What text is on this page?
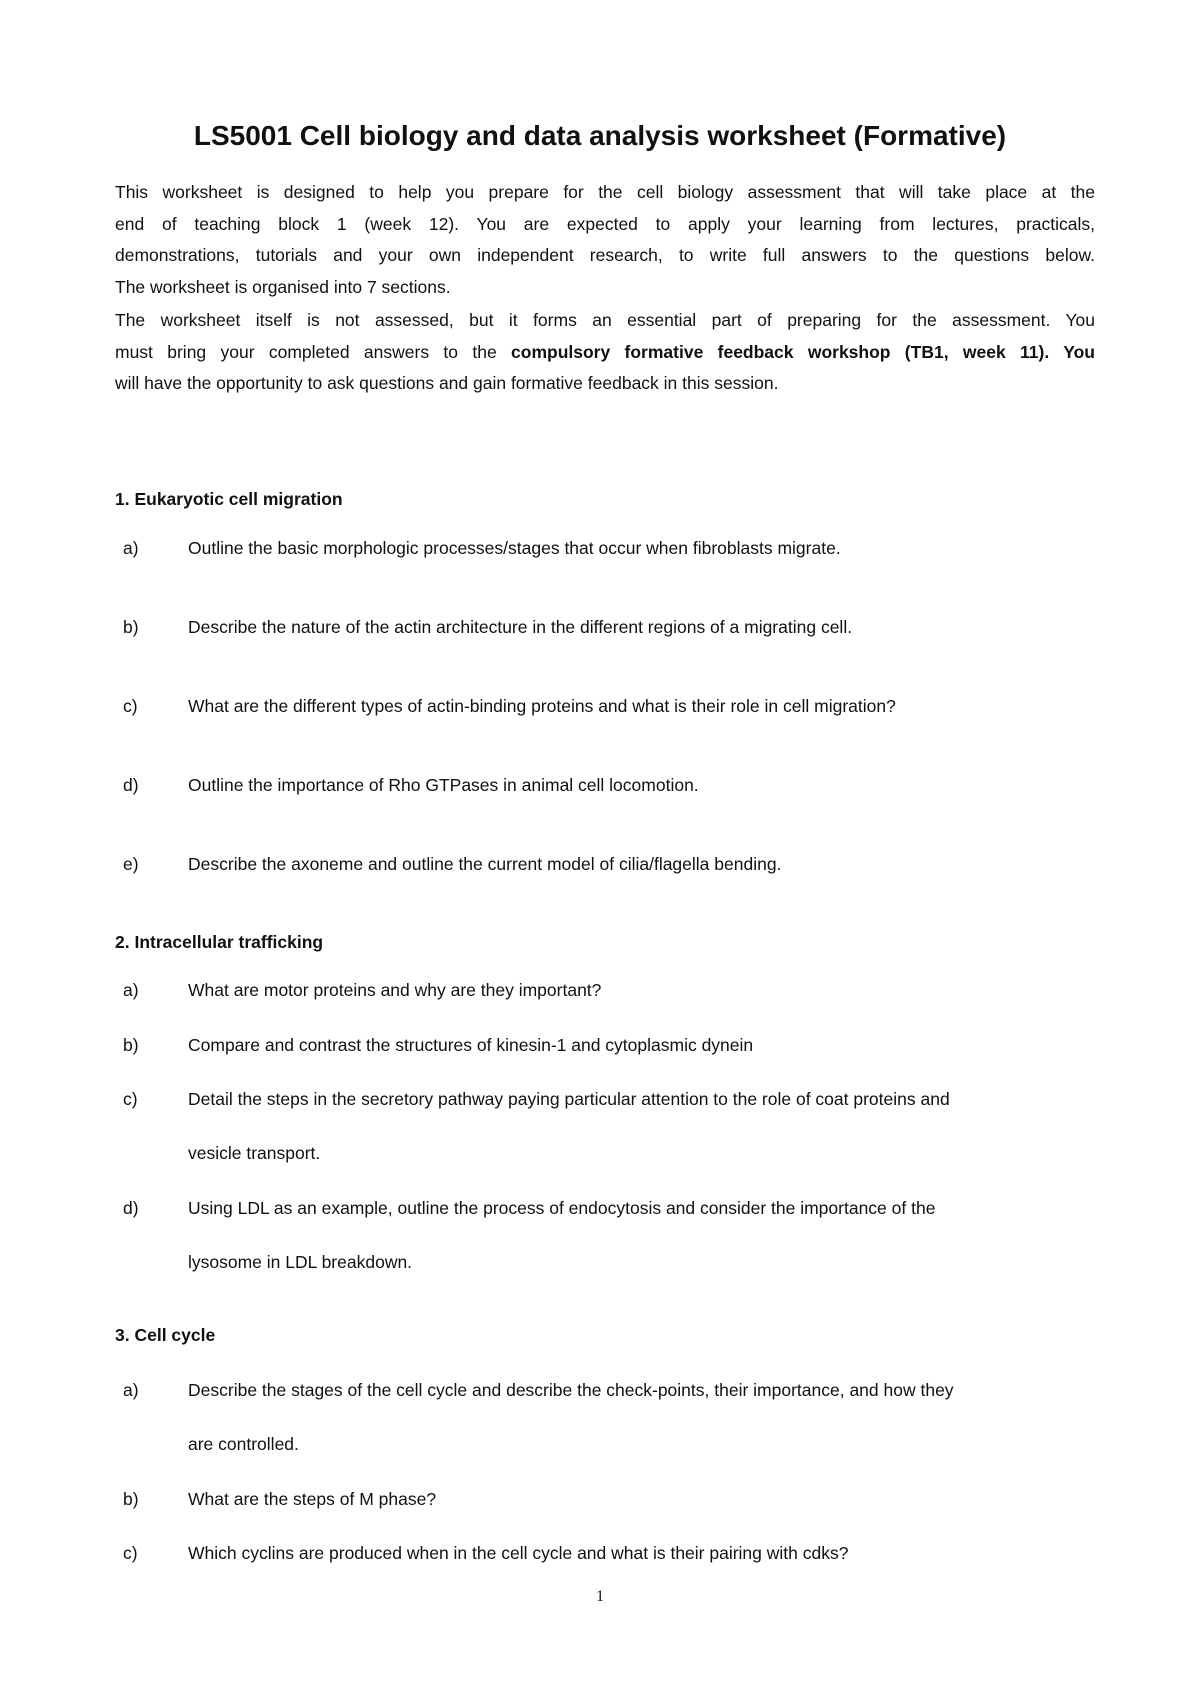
LS5001 Cell biology and data analysis worksheet (Formative)
This worksheet is designed to help you prepare for the cell biology assessment that will take place at the
end of teaching block 1 (week 12). You are expected to apply your learning from lectures, practicals,
demonstrations, tutorials and your own independent research, to write full answers to the questions below.
The worksheet is organised into 7 sections.
The worksheet itself is not assessed, but it forms an essential part of preparing for the assessment. You
must bring your completed answers to the compulsory formative feedback workshop (TB1, week 11). You
will have the opportunity to ask questions and gain formative feedback in this session.
1. Eukaryotic cell migration
a)	Outline the basic morphologic processes/stages that occur when fibroblasts migrate.
b)	Describe the nature of the actin architecture in the different regions of a migrating cell.
c)	What are the different types of actin-binding proteins and what is their role in cell migration?
d)	Outline the importance of Rho GTPases in animal cell locomotion.
e)	Describe the axoneme and outline the current model of cilia/flagella bending.
2. Intracellular trafficking
a)	What are motor proteins and why are they important?
b)	Compare and contrast the structures of kinesin-1 and cytoplasmic dynein
c)	Detail the steps in the secretory pathway paying particular attention to the role of coat proteins and
vesicle transport.
d)	Using LDL as an example, outline the process of endocytosis and consider the importance of the
lysosome in LDL breakdown.
3. Cell cycle
a)	Describe the stages of the cell cycle and describe the check-points, their importance, and how they
are controlled.
b)	What are the steps of M phase?
c)	Which cyclins are produced when in the cell cycle and what is their pairing with cdks?
1
